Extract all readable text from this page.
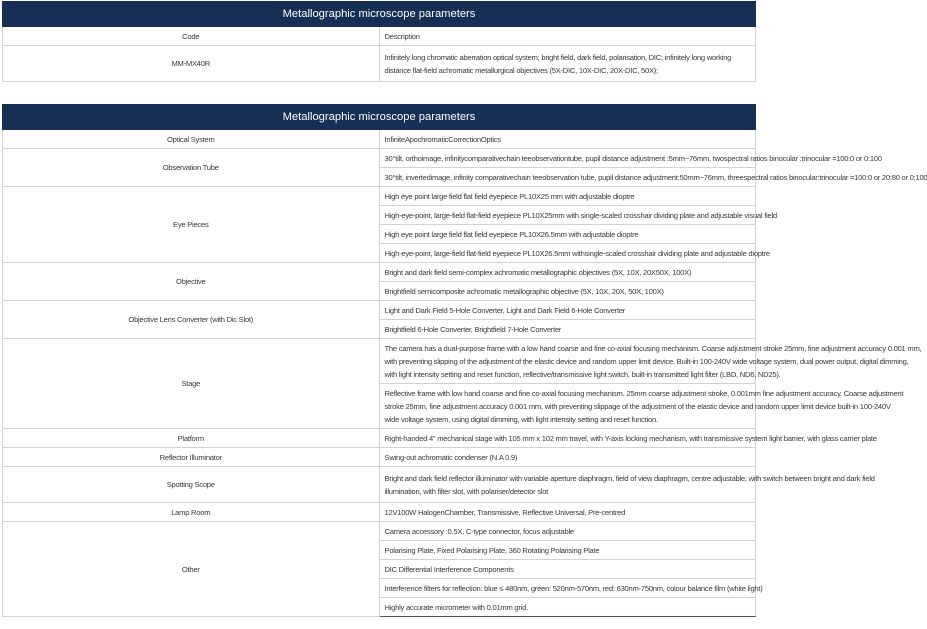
Metallographic microscope parameters
Code	Description
MM-MX40R	
Infinitely long chromatic aberration optical system; bright field, dark field, polarisation, DIC; infinitely long working
distance flat-field achromatic metallurgical objectives (5X-DIC, 10X-DIC, 20X-DIC, 50X);
Metallographic microscope parameters
Optical System	InfiniteApochromaticCorrectionOptics
Observation Tube	30°tilt, orthoimage, infinitycomparativechain teeobservationtube, pupil distance adjustment :5mm~76mm, twospectral ratios binocular :trinocular =100:0 or 0:100
30°tilt, invertedimage, infinity comparativechain teeobservation tube, pupil distance adjustment:50mm~76mm, threespectral ratios binocular:trinocular =100:0 or 20:80 or 0:100
Eye Pieces	High eye point large field flat field eyepiece PL10X25 mm with adjustable dioptre
High-eye-point, large-field flat-field eyepiece PL10X25mm with single-scaled crosshair dividing plate and adjustable visual field
High eye point large field flat field eyepiece PL10X26.5mm with adjustable dioptre
High-eye-point, large-field flat-field eyepiece PL10X26.5mm withsingle-scaled crosshair dividing plate and adjustable dioptre
Objective	Bright and dark field semi-complex achromatic metallographic objectives (5X, 10X, 20X50X, 100X)
Brightfield semicomposite achromatic metallographic objective (5X, 10X, 20X, 50X, 100X)
Objective Lens Converter (with Dic Slot)	Light and Dark Field 5-Hole Converter, Light and Dark Field 6-Hole Converter
Brightfield 6-Hole Converter, Brightfield 7-Hole Converter
Stage	
The camera has a dual-purpose frame with a low hand coarse and fine co-axial focusing mechanism. Coarse adjustment stroke 25mm, fine adjustment accuracy 0.001 mm,
with preventing slipping of the adjustment of the elastic device and random upper limit device. Built-in 100-240V wide voltage system, dual power output, digital dimming,
with light intensity setting and reset function, reflective/transmissive light switch, built-in transmitted light filter (LBD, ND6, ND25).

Reflective frame with low hand coarse and fine co-axial focusing mechanism. 25mm coarse adjustment stroke, 0.001mm fine adjustment accuracy. Coarse adjustment
stroke 25mm, fine adjustment accuracy 0.001 mm, with preventing slippage of the adjustment of the elastic device and random upper limit device built-in 100-240V
wide voltage system, using digital dimming, with light intensity setting and reset function.

Platform	Right-handed 4" mechanical stage with 105 mm x 102 mm travel, with Y-axis locking mechanism, with transmissive system light barrier, with glass carrier plate
Reflector Illuminator	Swing-out achromatic condenser (N.A 0.9)
Spotting Scope	
Bright and dark field reflector illuminator with variable aperture diaphragm, field of view diaphragm, centre adjustable; with switch between bright and dark field
illumination, with filter slot, with polariser/detector slot

Lamp Room	12V100W HalogenChamber, Transmissive, Reflective Universal, Pre-centred
Other	Camera accessory :0.5X, C-type connector, focus adjustable
Polarising Plate, Fixed Polarising Plate, 360 Rotating Polarising Plate
DIC Differential Interference Components
Interference filters for reflection: blue ≤ 480nm, green: 520nm-570nm, red: 630nm-750nm, colour balance film (white light)
Highly accurate micrometer with 0.01mm grid.
